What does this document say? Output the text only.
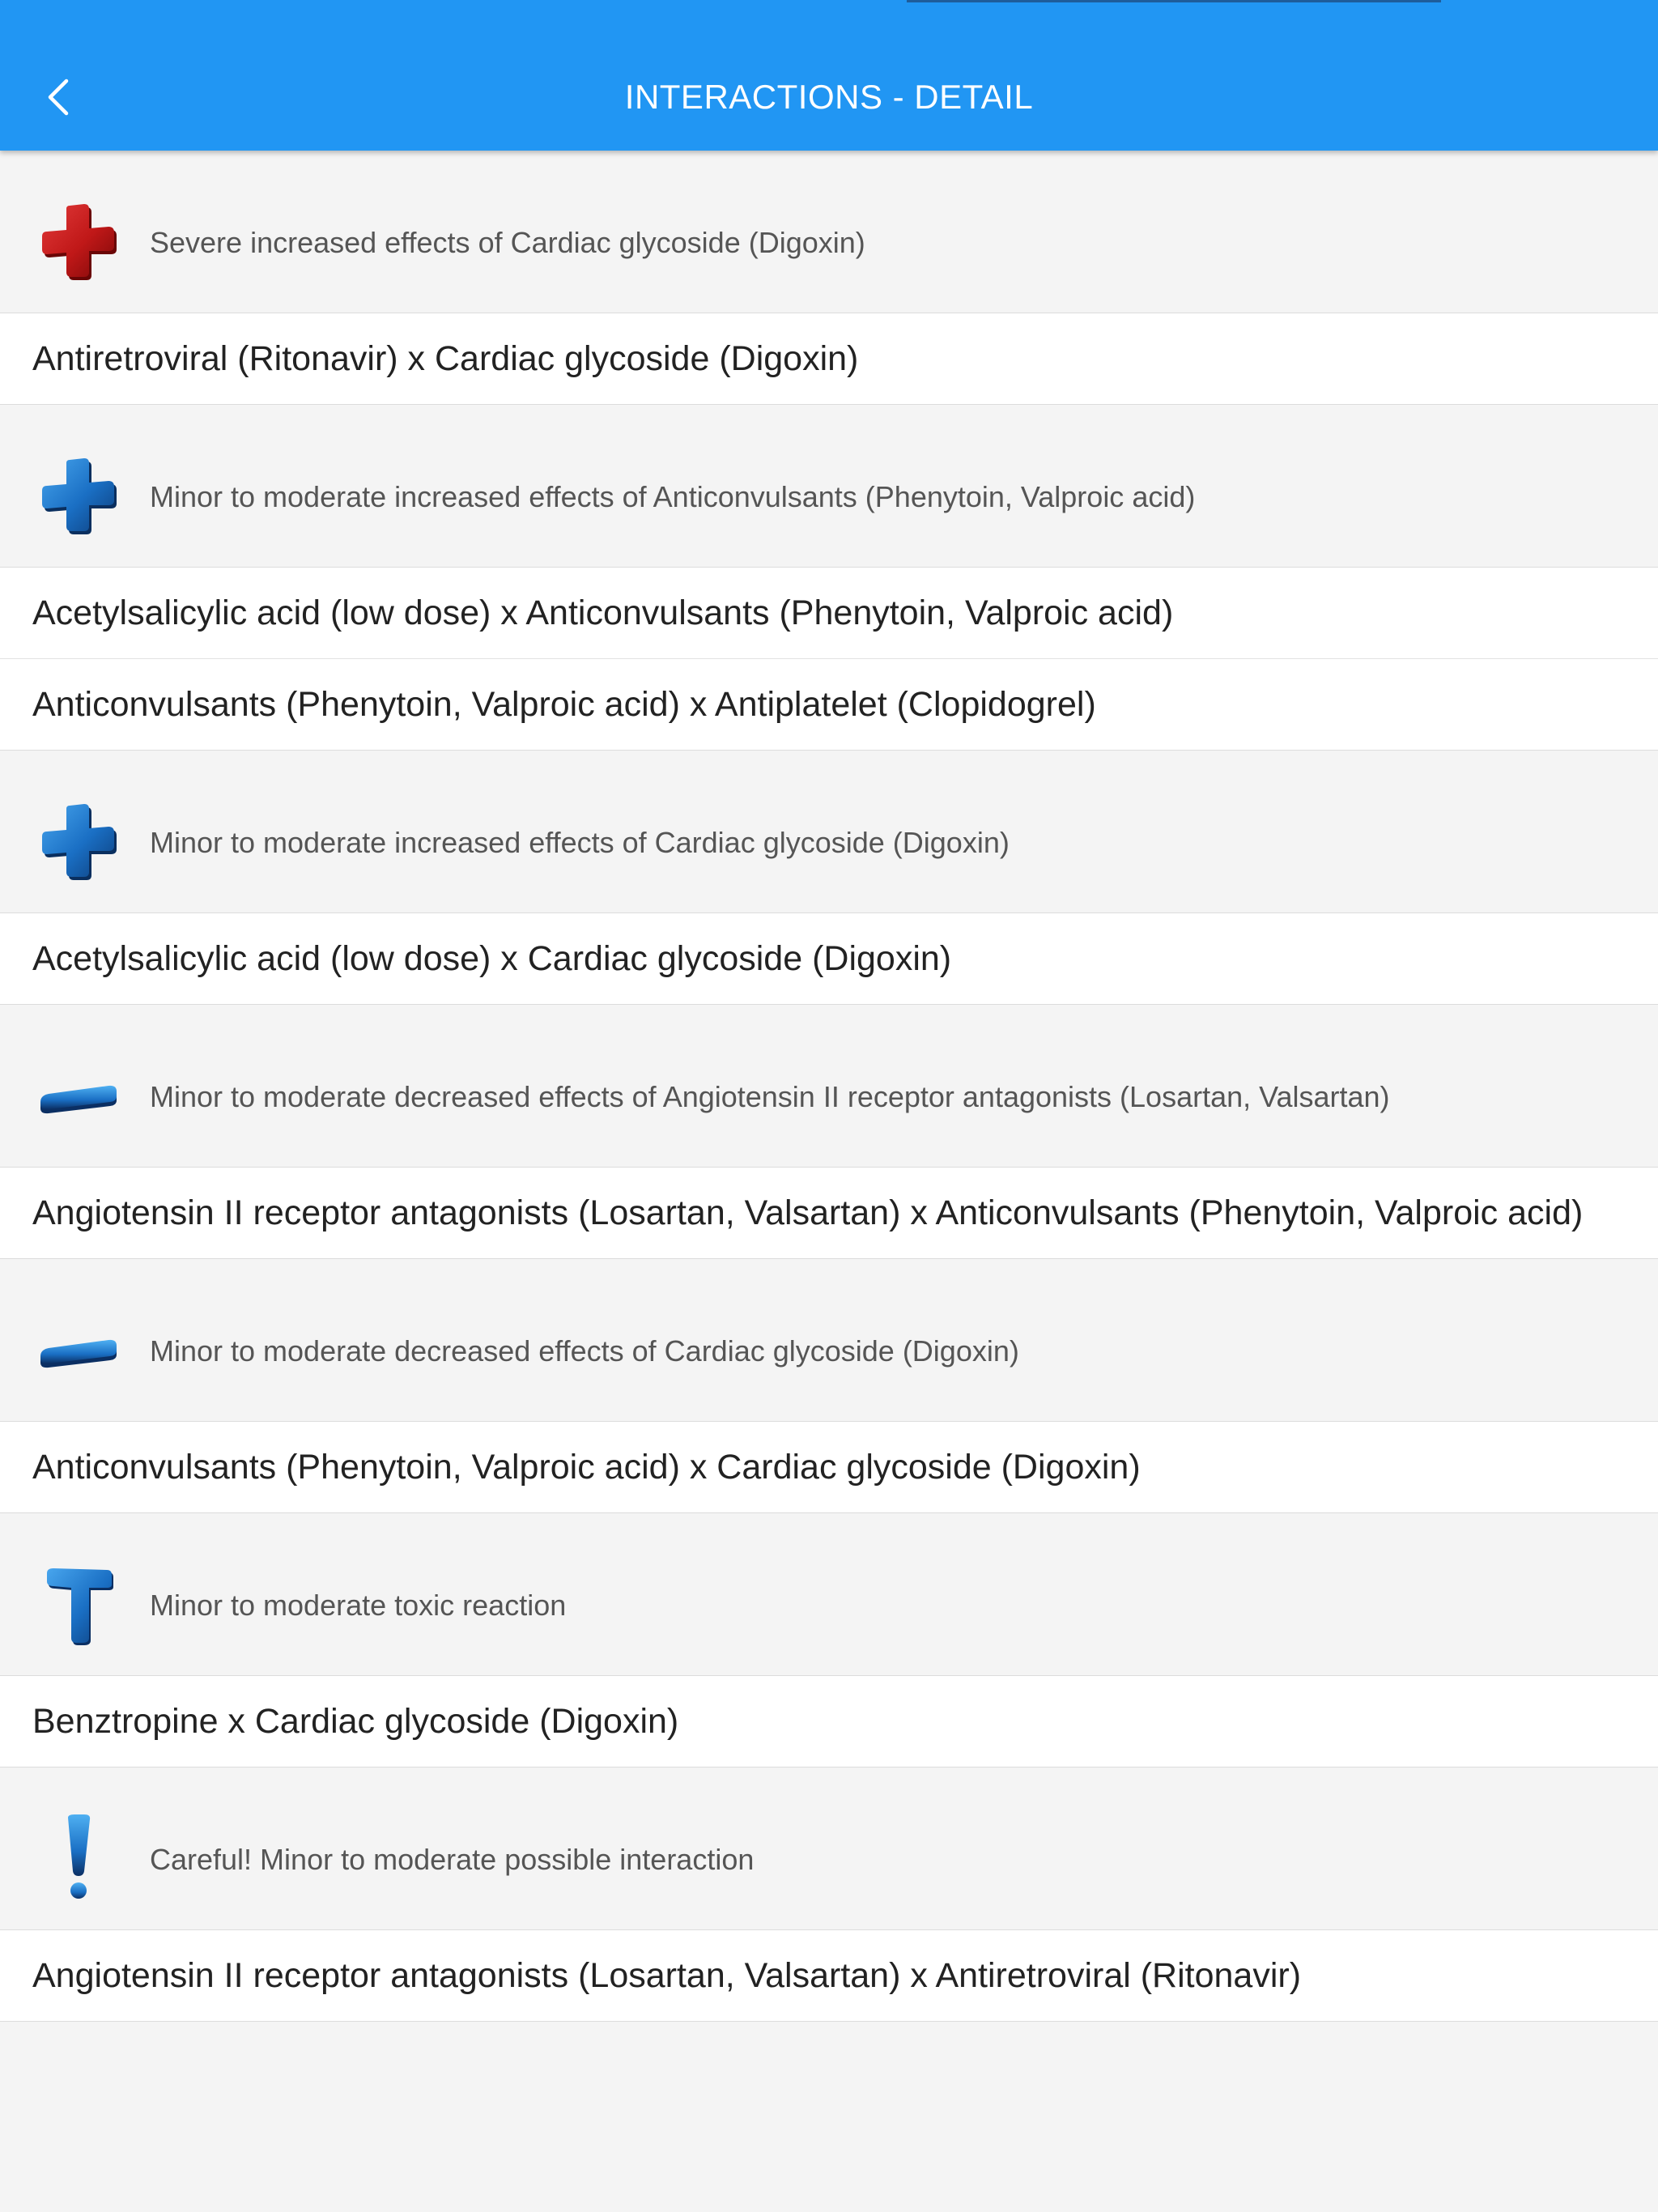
INTERACTIONS - DETAIL
Severe increased effects of Cardiac glycoside (Digoxin)
Antiretroviral (Ritonavir) x Cardiac glycoside (Digoxin)
Minor to moderate increased effects of Anticonvulsants (Phenytoin, Valproic acid)
Acetylsalicylic acid (low dose) x Anticonvulsants (Phenytoin, Valproic acid)
Anticonvulsants (Phenytoin, Valproic acid) x Antiplatelet (Clopidogrel)
Minor to moderate increased effects of Cardiac glycoside (Digoxin)
Acetylsalicylic acid (low dose) x Cardiac glycoside (Digoxin)
Minor to moderate decreased effects of Angiotensin II receptor antagonists (Losartan, Valsartan)
Angiotensin II receptor antagonists (Losartan, Valsartan) x Anticonvulsants (Phenytoin, Valproic acid)
Minor to moderate decreased effects of Cardiac glycoside (Digoxin)
Anticonvulsants (Phenytoin, Valproic acid) x Cardiac glycoside (Digoxin)
Minor to moderate toxic reaction
Benztropine x Cardiac glycoside (Digoxin)
Careful! Minor to moderate possible interaction
Angiotensin II receptor antagonists (Losartan, Valsartan) x Antiretroviral (Ritonavir)
